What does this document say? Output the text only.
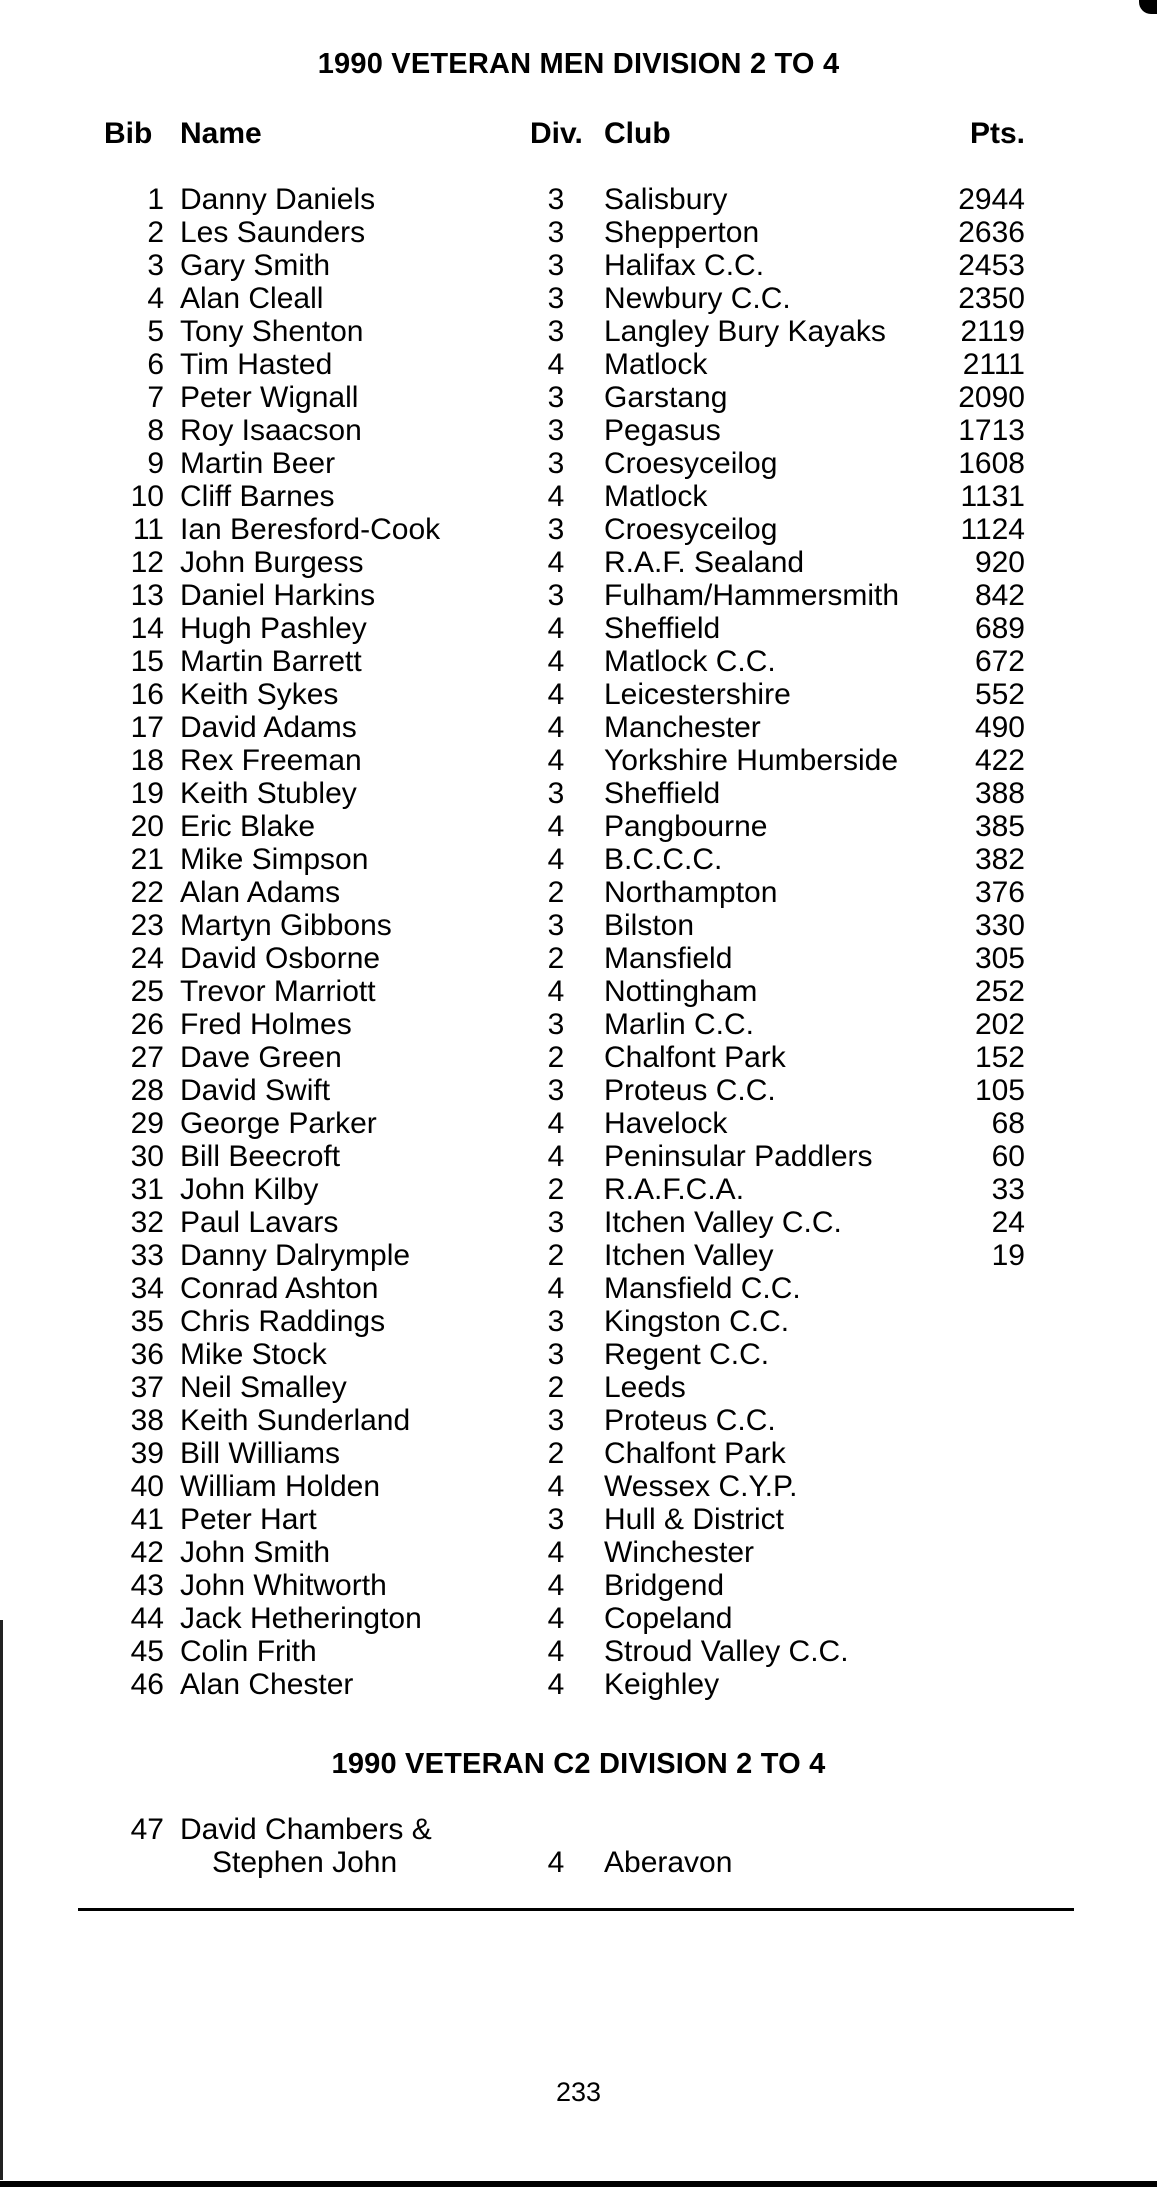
1990 VETERAN MEN DIVISION 2 TO 4
Bib Name	Div. Club	Pts.
1 Danny Daniels	3	Salisbury	2944
2 Les Saunders	3	Shepperton	2636
3 Gary Smith	3	Halifax C.C.	2453
4 Alan Cleall	3	Newbury C.C.	2350
5 Tony Shenton	3	Langley Bury Kayaks	2119
6 Tim Hasted	4	Matlock	2111
7 Peter Wignall	3	Garstang	2090
8 Roy Isaacson	3	Pegasus	1713
9 Martin Beer	3	Croesyceilog	1608
10 Cliff Barnes	4	Matlock	1131
11 Ian Beresford-Cook	3	Croesyceilog	1124
12 John Burgess	4	R.A.F. Sealand	920
13 Daniel Harkins	3	Fulham/Hammersmith	842
14 Hugh Pashley	4	Sheffield	689
15 Martin Barrett	4	Matlock C.C.	672
16 Keith Sykes	4	Leicestershire	552
17 David Adams	4	Manchester	490
18 Rex Freeman	4	Yorkshire Humberside	422
19 Keith Stubley	3	Sheffield	388
20 Eric Blake	4	Pangbourne	385
21 Mike Simpson	4	B.C.C.C.	382
22 Alan Adams	2	Northampton	376
23 Martyn Gibbons	3	Bilston	330
24 David Osborne	2	Mansfield	305
25 Trevor Marriott	4	Nottingham	252
26 Fred Holmes	3	Marlin C.C.	202
27 Dave Green	2	Chalfont Park	152
28 David Swift	3	Proteus C.C.	105
29 George Parker	4	Havelock	68
30 Bill Beecroft	4	Peninsular Paddlers	60
31 John Kilby	2	R.A.F.C.A.	33
32 Paul Lavars	3	Itchen Valley C.C.	24
33 Danny Dalrymple	2	Itchen Valley	19
34 Conrad Ashton	4	Mansfield C.C.
35 Chris Raddings	3	Kingston C.C.
36 Mike Stock	3	Regent C.C.
37 Neil Smalley	2	Leeds
38 Keith Sunderland	3	Proteus C.C.
39 Bill Williams	2	Chalfont Park
40 William Holden	4	Wessex C.Y.P.
41 Peter Hart	3	Hull & District
42 John Smith	4	Winchester
43 John Whitworth	4	Bridgend
44 Jack Hetherington	4	Copeland
45 Colin Frith	4	Stroud Valley C.C.
46 Alan Chester	4	Keighley
1990 VETERAN C2 DIVISION 2 TO 4
47 David Chambers &
Stephen John	4	Aberavon
233
